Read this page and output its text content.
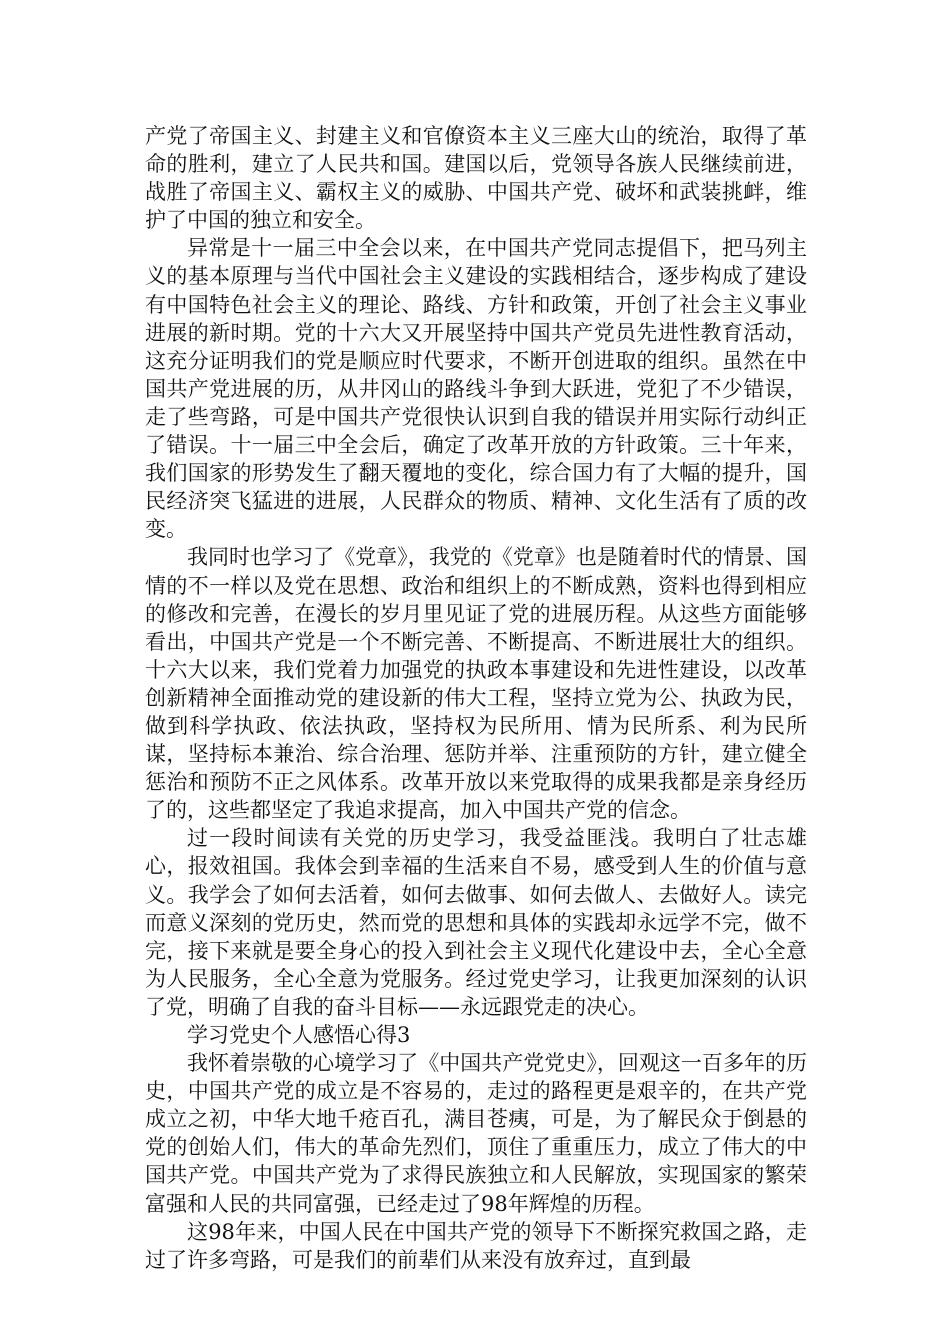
产党了帝国主义、封建主义和官僚资本主义三座大山的统治，取得了革命的胜利，建立了人民共和国。建国以后，党领导各族人民继续前进，战胜了帝国主义、霸权主义的威胁、中国共产党、破坏和武装挑衅，维护了中国的独立和安全。

异常是十一届三中全会以来，在中国共产党同志提倡下，把马列主义的基本原理与当代中国社会主义建设的实践相结合，逐步构成了建设有中国特色社会主义的理论、路线、方针和政策，开创了社会主义事业进展的新时期。党的十六大又开展坚持中国共产党员先进性教育活动，这充分证明我们的党是顺应时代要求，不断开创进取的组织。虽然在中国共产党进展的历，从井冈山的路线斗争到大跃进，党犯了不少错误，走了些弯路，可是中国共产党很快认识到自我的错误并用实际行动纠正了错误。十一届三中全会后，确定了改革开放的方针政策。三十年来，我们国家的形势发生了翻天覆地的变化，综合国力有了大幅的提升，国民经济突飞猛进的进展，人民群众的物质、精神、文化生活有了质的改变。

我同时也学习了《党章》，我党的《党章》也是随着时代的情景、国情的不一样以及党在思想、政治和组织上的不断成熟，资料也得到相应的修改和完善，在漫长的岁月里见证了党的进展历程。从这些方面能够看出，中国共产党是一个不断完善、不断提高、不断进展壮大的组织。十六大以来，我们党着力加强党的执政本事建设和先进性建设，以改革创新精神全面推动党的建设新的伟大工程，坚持立党为公、执政为民，做到科学执政、依法执政，坚持权为民所用、情为民所系、利为民所谋，坚持标本兼治、综合治理、惩防并举、注重预防的方针，建立健全惩治和预防不正之风体系。改革开放以来党取得的成果我都是亲身经历了的，这些都坚定了我追求提高，加入中国共产党的信念。

过一段时间读有关党的历史学习，我受益匪浅。我明白了壮志雄心，报效祖国。我体会到幸福的生活来自不易，感受到人生的价值与意义。我学会了如何去活着，如何去做事、如何去做人、去做好人。读完而意义深刻的党历史，然而党的思想和具体的实践却永远学不完，做不完，接下来就是要全身心的投入到社会主义现代化建设中去，全心全意为人民服务，全心全意为党服务。经过党史学习，让我更加深刻的认识了党，明确了自我的奋斗目标——永远跟党走的决心。

学习党史个人感悟心得3

我怀着崇敬的心境学习了《中国共产党党史》，回观这一百多年的历史，中国共产党的成立是不容易的，走过的路程更是艰辛的，在共产党成立之初，中华大地千疮百孔，满目苍痍，可是，为了解民众于倒悬的党的创始人们，伟大的革命先烈们，顶住了重重压力，成立了伟大的中国共产党。中国共产党为了求得民族独立和人民解放，实现国家的繁荣富强和人民的共同富强，已经走过了98年辉煌的历程。

这98年来，中国人民在中国共产党的领导下不断探究救国之路，走过了许多弯路，可是我们的前辈们从来没有放弃过，直到最
